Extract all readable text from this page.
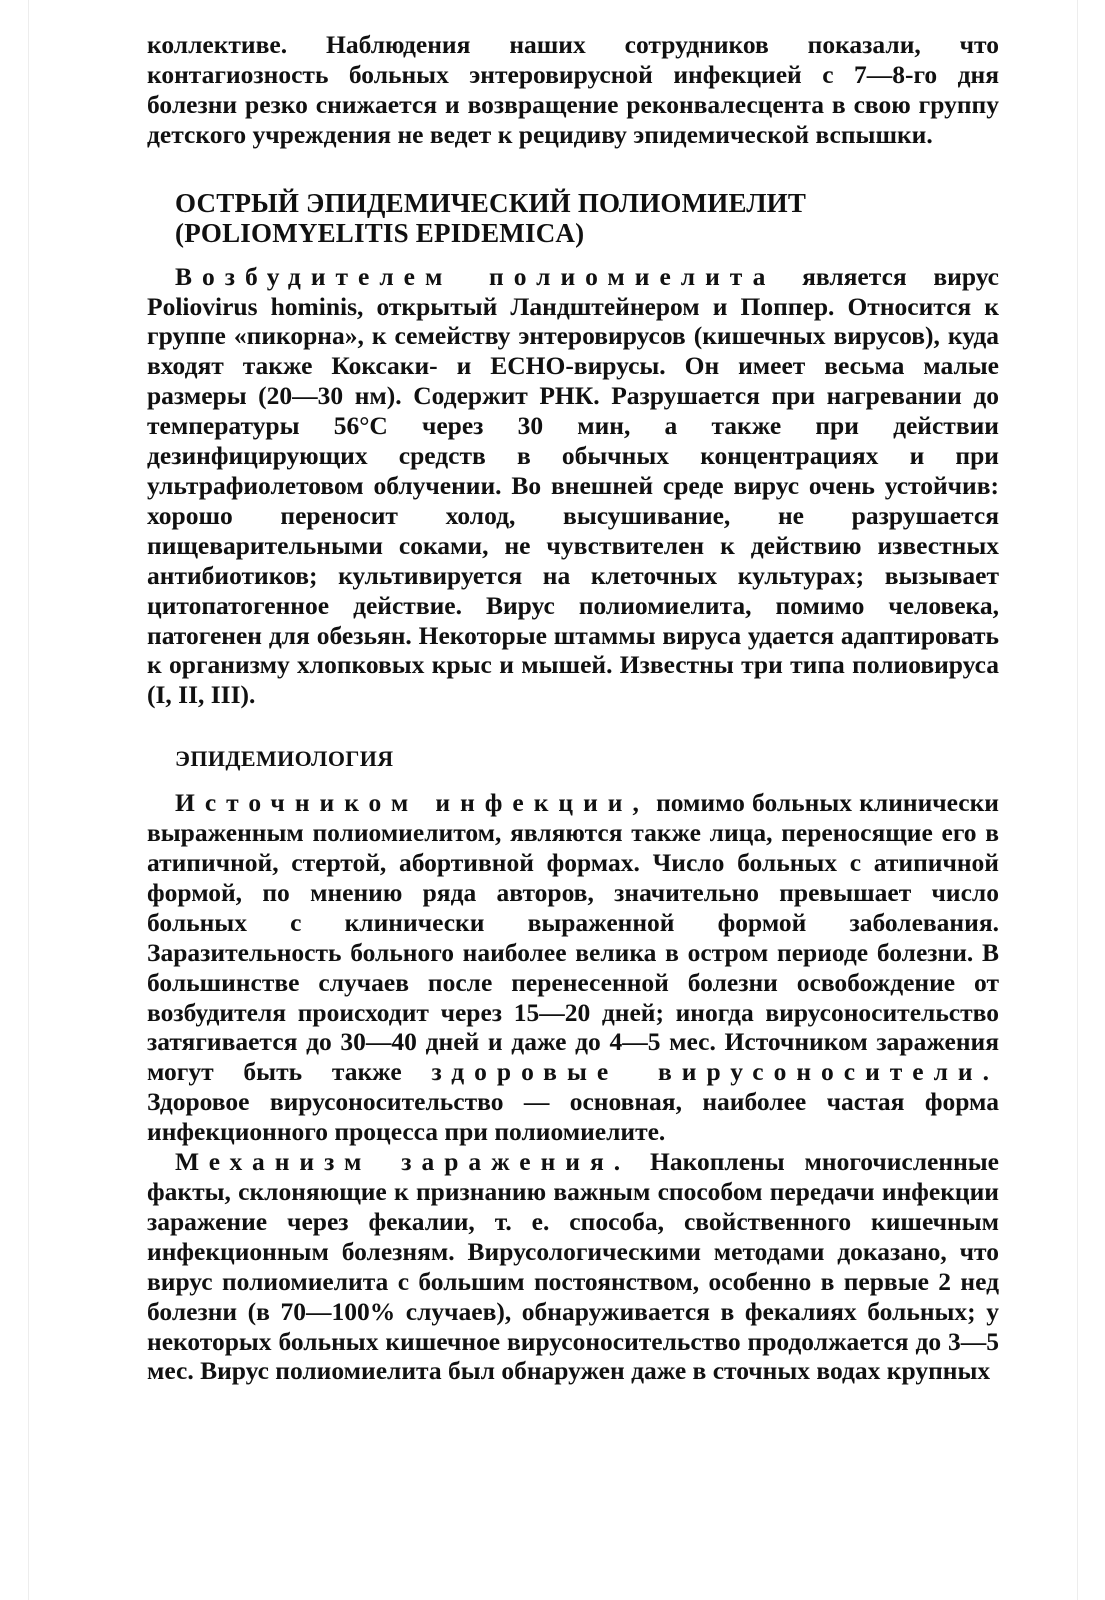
коллективе. Наблюдения наших сотрудников показали, что контагиозность больных энтеровирусной инфекцией с 7—8-го дня болезни резко снижается и возвращение реконвалесцента в свою группу детского учреждения не ведет к рецидиву эпидемической вспышки.

ОСТРЫЙ ЭПИДЕМИЧЕСКИЙ ПОЛИОМИЕЛИТ
(POLIOMYELITIS EPIDEMICA)

Возбудителем полиомиелита является вирус Poliovirus hominis, открытый Ландштейнером и Поппер. Относится к группе «пикорна», к семейству энтеровирусов (кишечных вирусов), куда входят также Коксаки- и ECHO-вирусы. Он имеет весьма малые размеры (20—30 нм). Содержит РНК. Разрушается при нагревании до температуры 56°С через 30 мин, а также при действии дезинфицирующих средств в обычных концентрациях и при ультрафиолетовом облучении. Во внешней среде вирус очень устойчив: хорошо переносит холод, высушивание, не разрушается пищеварительными соками, не чувствителен к действию известных антибиотиков; культивируется на клеточных культурах; вызывает цитопатогенное действие. Вирус полиомиелита, помимо человека, патогенен для обезьян. Некоторые штаммы вируса удается адаптировать к организму хлопковых крыс и мышей. Известны три типа полиовируса (I, II, III).

ЭПИДЕМИОЛОГИЯ

Источником инфекции, помимо больных клинически выраженным полиомиелитом, являются также лица, переносящие его в атипичной, стертой, абортивной формах. Число больных с атипичной формой, по мнению ряда авторов, значительно превышает число больных с клинически выраженной формой заболевания. Заразительность больного наиболее велика в остром периоде болезни. В большинстве случаев после перенесенной болезни освобождение от возбудителя происходит через 15—20 дней; иногда вирусоносительство затягивается до 30—40 дней и даже до 4—5 мес. Источником заражения могут быть также здоровые вирусоносители. Здоровое вирусоносительство — основная, наиболее частая форма инфекционного процесса при полиомиелите.

Механизм заражения. Накоплены многочисленные факты, склоняющие к признанию важным способом передачи инфекции заражение через фекалии, т. е. способа, свойственного кишечным инфекционным болезням. Вирусологическими методами доказано, что вирус полиомиелита с большим постоянством, особенно в первые 2 нед болезни (в 70—100% случаев), обнаруживается в фекалиях больных; у некоторых больных кишечное вирусоносительство продолжается до 3—5 мес. Вирус полиомиелита был обнаружен даже в сточных водах крупных
